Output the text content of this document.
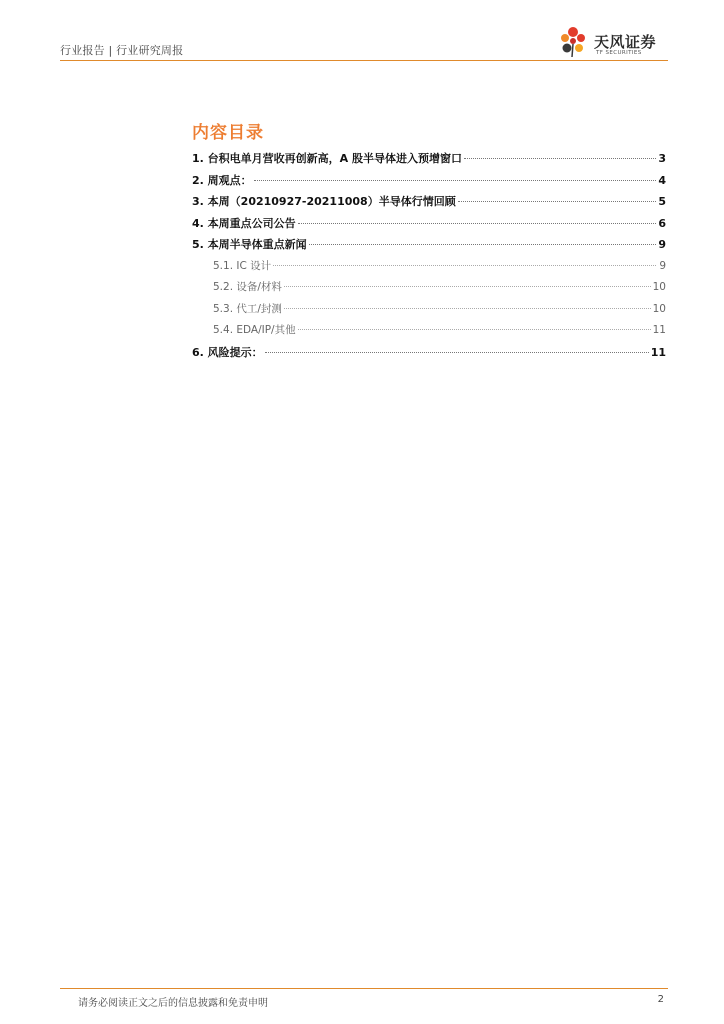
行业报告 | 行业研究周报	天风证券
TF SECURITIES
内容目录
1. 台积电单月营收再创新高，A 股半导体进入预增窗口	3
2. 周观点：	4
3. 本周（20210927-20211008）半导体行情回顾	5
4. 本周重点公司公告	6
5. 本周半导体重点新闻	9
5.1. IC 设计	9
5.2. 设备/材料	10
5.3. 代工/封测	10
5.4. EDA/IP/其他	11
6. 风险提示：	11
请务必阅读正文之后的信息披露和免责申明	2
